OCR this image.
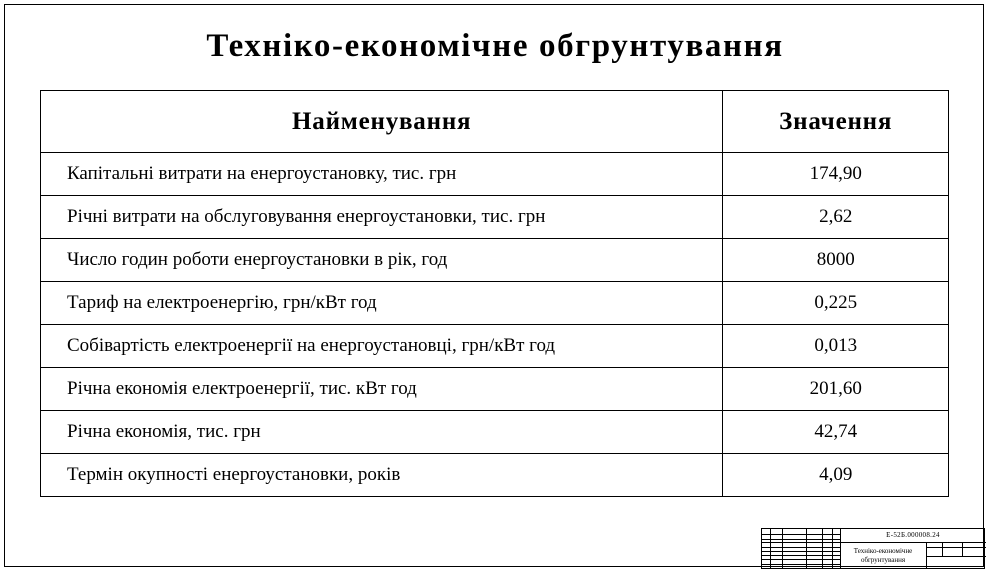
Техніко-економічне обгрунтування
Найменування	Значення
Капітальні витрати на енергоустановку, тис. грн	174,90
Річні витрати на обслуговування енергоустановки, тис. грн	2,62
Число годин роботи енергоустановки в рік, год	8000
Тариф на електроенергію, грн/кВт год	0,225
Собівартість електроенергії на енергоустановці, грн/кВт год	0,013
Річна економія електроенергії, тис. кВт год	201,60
Річна економія, тис. грн	42,74
Термін окупності енергоустановки, років	4,09
Е-52Б.000008.24
Техніко-економічне обгрунтування
